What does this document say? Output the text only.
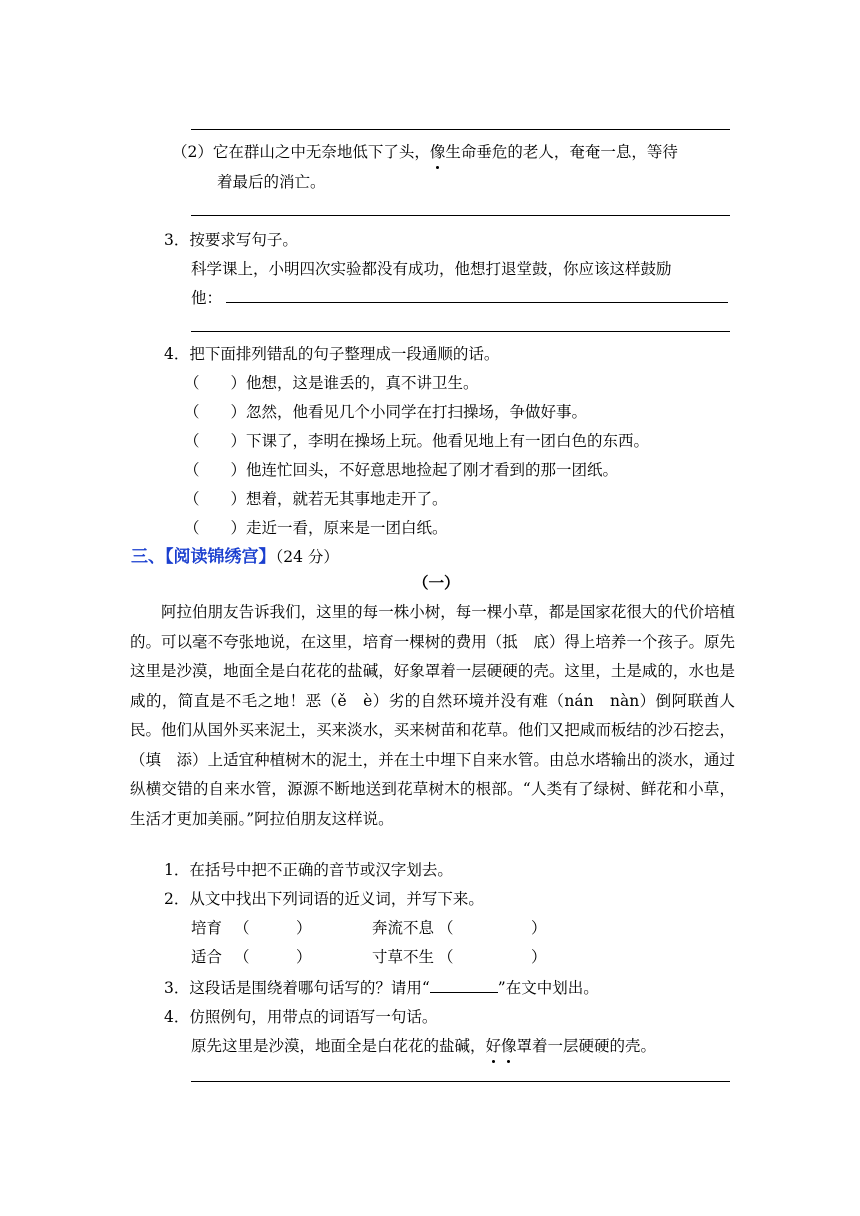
（2）它在群山之中无奈地低下了头，像生命垂危的老人，奄奄一息，等待
着最后的消亡。
3．按要求写句子。
科学课上，小明四次实验都没有成功，他想打退堂鼓，你应该这样鼓励
他：
4．把下面排列错乱的句子整理成一段通顺的话。
（　　）他想，这是谁丢的，真不讲卫生。
（　　）忽然，他看见几个小同学在打扫操场，争做好事。
（　　）下课了，李明在操场上玩。他看见地上有一团白色的东西。
（　　）他连忙回头，不好意思地捡起了刚才看到的那一团纸。
（　　）想着，就若无其事地走开了。
（　　）走近一看，原来是一团白纸。
三、【阅读锦绣宫】（24 分）
（一）
阿拉伯朋友告诉我们，这里的每一株小树，每一棵小草，都是国家花很大的代价培植的。可以毫不夸张地说，在这里，培育一棵树的费用（抵　底）得上培养一个孩子。原先这里是沙漠，地面全是白花花的盐碱，好象罩着一层硬硬的壳。这里，土是咸的，水也是咸的，简直是不毛之地！恶（ě　è）劣的自然环境并没有难（nán　nàn）倒阿联酋人民。他们从国外买来泥土，买来淡水，买来树苗和花草。他们又把咸而板结的沙石挖去，（填　添）上适宜种植树木的泥土，并在土中埋下自来水管。由总水塔输出的淡水，通过纵横交错的自来水管，源源不断地送到花草树木的根部。“人类有了绿树、鲜花和小草，生活才更加美丽。”阿拉伯朋友这样说。
1．在括号中把不正确的音节或汉字划去。
2．从文中找出下列词语的近义词，并写下来。
培育 （　　　）	奔流不息 （　　　　　）
适合 （　　　）	寸草不生 （　　　　　）
3．这段话是围绕着哪句话写的？请用“	”在文中划出。
4．仿照例句，用带点的词语写一句话。
原先这里是沙漠，地面全是白花花的盐碱，好像罩着一层硬硬的壳。
